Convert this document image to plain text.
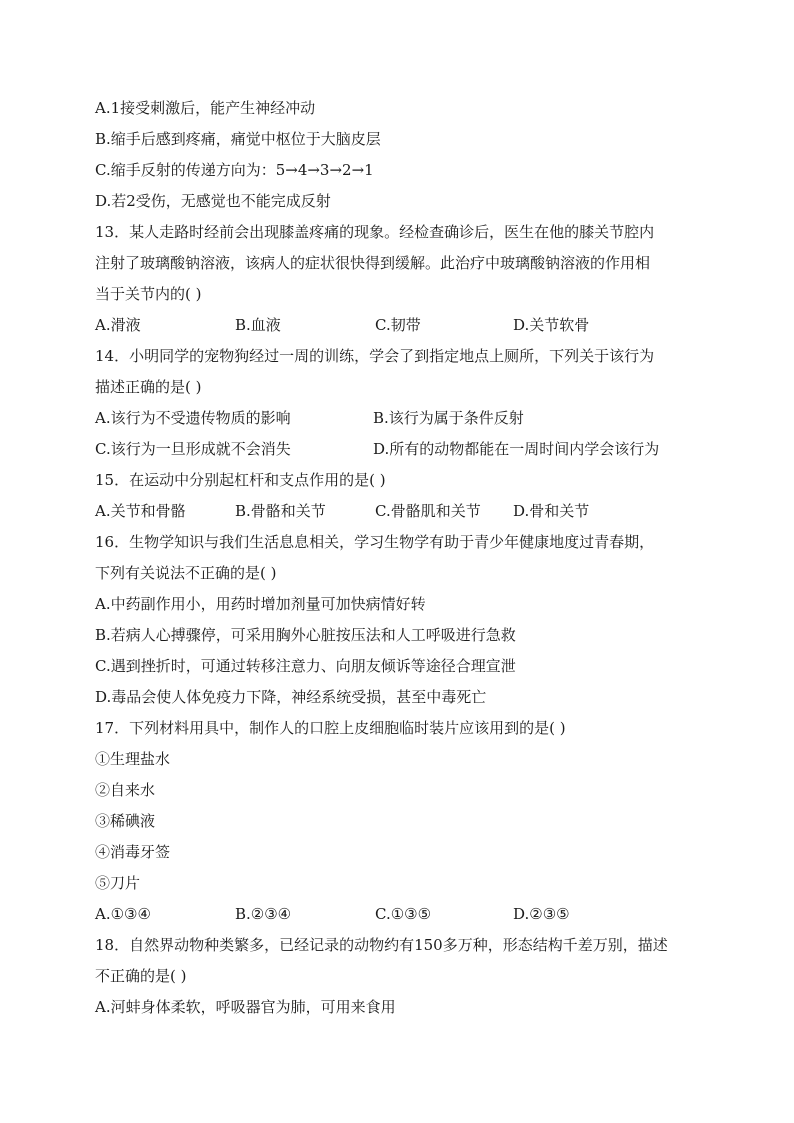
A.1接受刺激后，能产生神经冲动
B.缩手后感到疼痛，痛觉中枢位于大脑皮层
C.缩手反射的传递方向为：5→4→3→2→1
D.若2受伤，无感觉也不能完成反射
13．某人走路时经前会出现膝盖疼痛的现象。经检查确诊后，医生在他的膝关节腔内
注射了玻璃酸钠溶液，该病人的症状很快得到缓解。此治疗中玻璃酸钠溶液的作用相
当于关节内的( )
A.滑液	B.血液	C.韧带	D.关节软骨
14．小明同学的宠物狗经过一周的训练，学会了到指定地点上厕所，下列关于该行为
描述正确的是( )
A.该行为不受遗传物质的影响	B.该行为属于条件反射
C.该行为一旦形成就不会消失	D.所有的动物都能在一周时间内学会该行为
15．在运动中分别起杠杆和支点作用的是( )
A.关节和骨骼	B.骨骼和关节	C.骨骼肌和关节 D.骨和关节
16．生物学知识与我们生活息息相关，学习生物学有助于青少年健康地度过青春期，
下列有关说法不正确的是( )
A.中药副作用小，用药时增加剂量可加快病情好转
B.若病人心搏骤停，可采用胸外心脏按压法和人工呼吸进行急救
C.遇到挫折时，可通过转移注意力、向朋友倾诉等途径合理宣泄
D.毒品会使人体免疫力下降，神经系统受损，甚至中毒死亡
17．下列材料用具中，制作人的口腔上皮细胞临时装片应该用到的是( )
①生理盐水
②自来水
③稀碘液
④消毒牙签
⑤刀片
A.①③④	B.②③④	C.①③⑤	D.②③⑤
18．自然界动物种类繁多，已经记录的动物约有150多万种，形态结构千差万别，描述
不正确的是( )
A.河蚌身体柔软，呼吸器官为肺，可用来食用
